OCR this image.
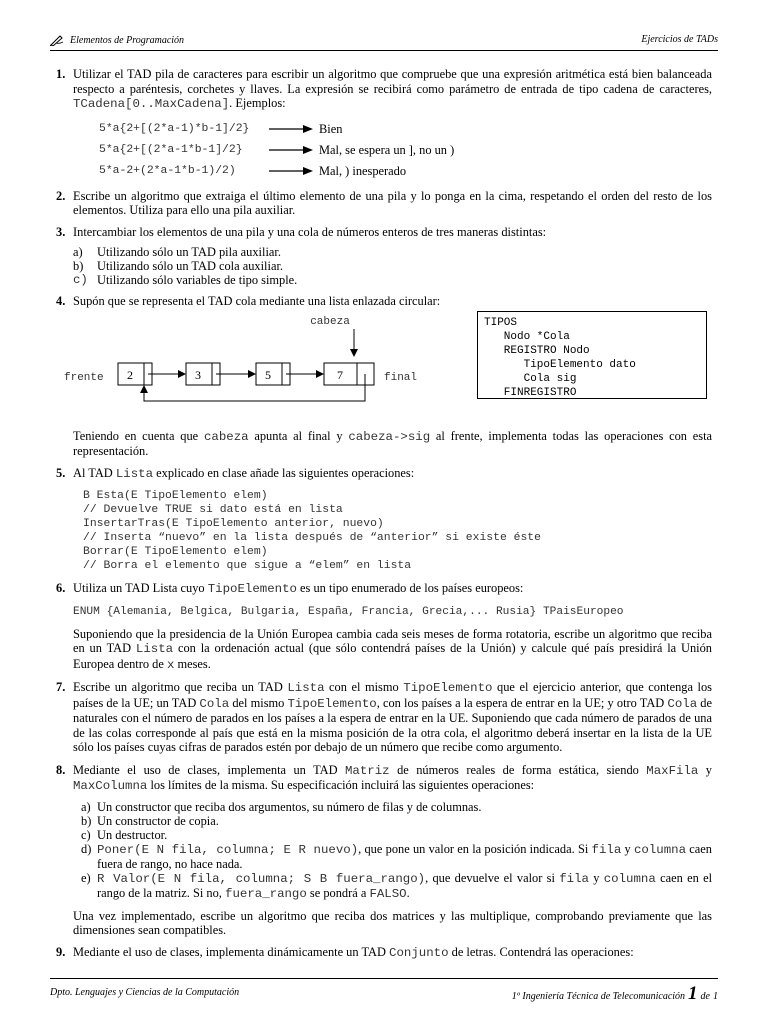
Elementos de Programación	Ejercicios de TADs
1. Utilizar el TAD pila de caracteres para escribir un algoritmo que compruebe que una expresión aritmética está bien balanceada respecto a paréntesis, corchetes y llaves. La expresión se recibirá como parámetro de entrada de tipo cadena de caracteres, TCadena[0..MaxCadena]. Ejemplos:

5*a{2+[(2*a-1)*b-1]/2}	Bien
5*a{2+[(2*a-1*b-1]/2}	Mal, se espera un ], no un )
5*a-2+(2*a-1*b-1)/2)	Mal, ) inesperado
2. Escribe un algoritmo que extraiga el último elemento de una pila y lo ponga en la cima, respetando el orden del resto de los elementos. Utiliza para ello una pila auxiliar.

3. Intercambiar los elementos de una pila y una cola de números enteros de tres maneras distintas:

a)	Utilizando sólo un TAD pila auxiliar.
b)	Utilizando sólo un TAD cola auxiliar.
c) Utilizando sólo variables de tipo simple.
4. Supón que se representa el TAD cola mediante una lista enlazada circular:

cabeza
frente	final
2	3	5	7
TIPOS
Nodo *Cola
REGISTRO Nodo
TipoElemento dato
Cola sig
FINREGISTRO

Teniendo en cuenta que cabeza apunta al final y cabeza->sig al frente, implementa todas las operaciones con esta representación.

5. Al TAD Lista explicado en clase añade las siguientes operaciones:

B Esta(E TipoElemento elem)
// Devuelve TRUE si dato está en lista
InsertarTras(E TipoElemento anterior, nuevo)
// Inserta “nuevo” en la lista después de “anterior” si existe éste
Borrar(E TipoElemento elem)
// Borra el elemento que sigue a “elem” en lista
6. Utiliza un TAD Lista cuyo TipoElemento es un tipo enumerado de los países europeos:

ENUM {Alemania, Belgica, Bulgaria, España, Francia, Grecia,... Rusia} TPaisEuropeo

Suponiendo que la presidencia de la Unión Europea cambia cada seis meses de forma rotatoria, escribe un algoritmo que reciba en un TAD Lista con la ordenación actual (que sólo contendrá países de la Unión) y calcule qué país presidirá la Unión Europea dentro de x meses.

7. Escribe un algoritmo que reciba un TAD Lista con el mismo TipoElemento que el ejercicio anterior, que contenga los países de la UE; un TAD Cola del mismo TipoElemento, con los países a la espera de entrar en la UE; y otro TAD Cola de naturales con el número de parados en los países a la espera de entrar en la UE. Suponiendo que cada número de parados de una de las colas corresponde al país que está en la misma posición de la otra cola, el algoritmo deberá insertar en la lista de la UE sólo los países cuyas cifras de parados estén por debajo de un número que recibe como argumento.

8. Mediante el uso de clases, implementa un TAD Matriz de números reales de forma estática, siendo MaxFila y MaxColumna los límites de la misma. Su especificación incluirá las siguientes operaciones:

a) Un constructor que reciba dos argumentos, su número de filas y de columnas.
b) Un constructor de copia.
c) Un destructor.
d) Poner(E N fila, columna; E R nuevo), que pone un valor en la posición indicada. Si fila y columna caen fuera de rango, no hace nada.
e) R Valor(E N fila, columna; S B fuera_rango), que devuelve el valor si fila y columna caen en el rango de la matriz. Si no, fuera_rango se pondrá a FALSO.

Una vez implementado, escribe un algoritmo que reciba dos matrices y las multiplique, comprobando previamente que las dimensiones sean compatibles.

9. Mediante el uso de clases, implementa dinámicamente un TAD Conjunto de letras. Contendrá las operaciones:

Dpto. Lenguajes y Ciencias de la Computación	1º Ingeniería Técnica de Telecomunicación 1 de 1
